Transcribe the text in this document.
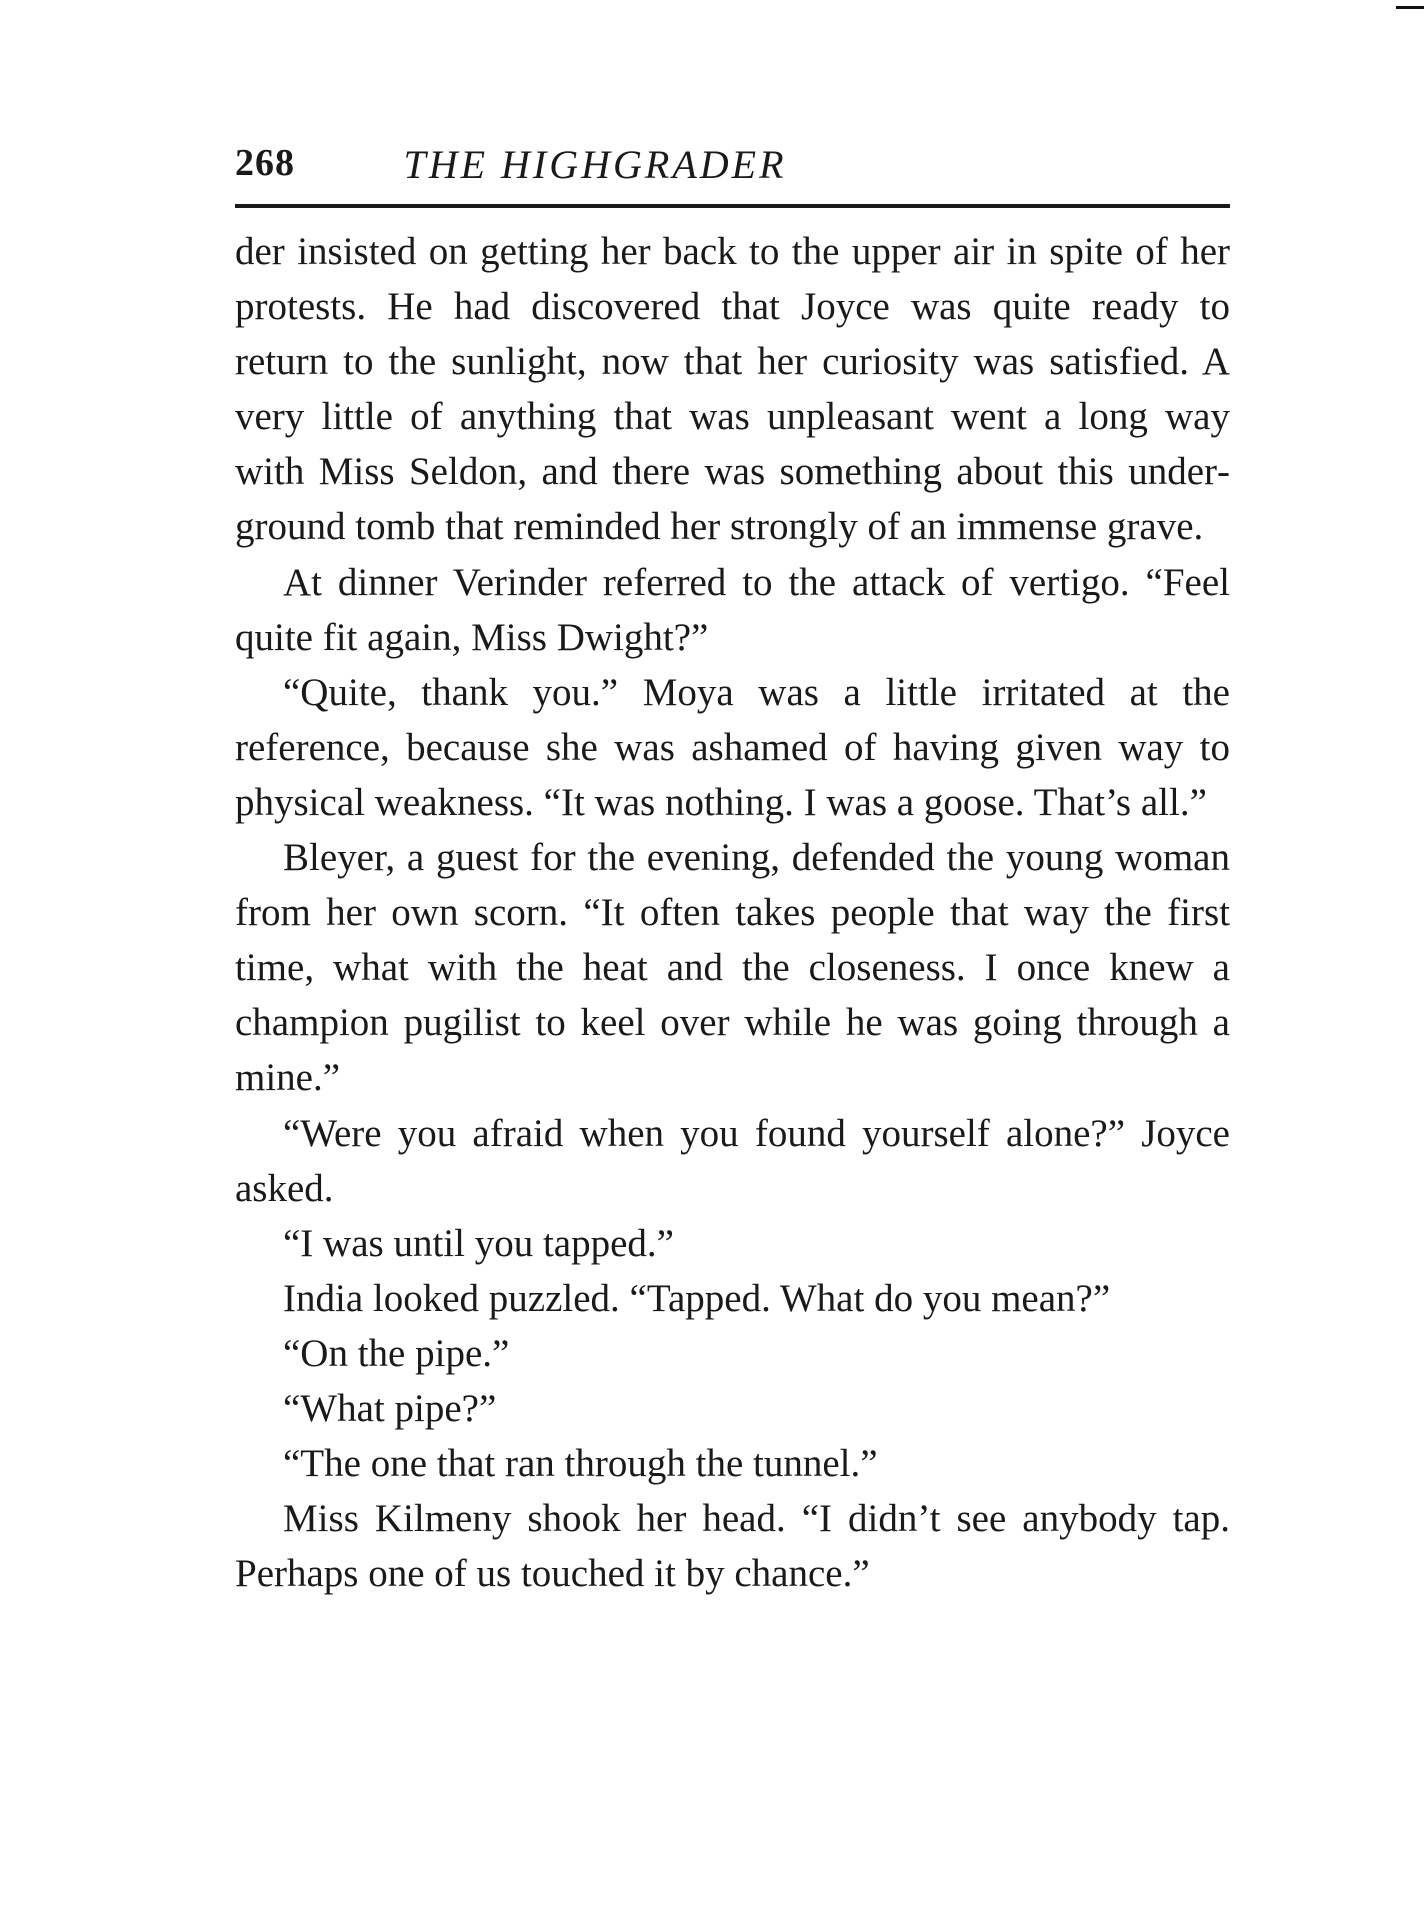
268	THE HIGHGRADER

der insisted on getting her back to the upper air in spite of her protests. He had discovered that Joyce was quite ready to return to the sunlight, now that her curiosity was satisfied. A very little of anything that was unpleasant went a long way with Miss Seldon, and there was something about this underground tomb that reminded her strongly of an immense grave.

At dinner Verinder referred to the attack of vertigo. “Feel quite fit again, Miss Dwight?”

“Quite, thank you.” Moya was a little irritated at the reference, because she was ashamed of having given way to physical weakness. “It was nothing. I was a goose. That’s all.”

Bleyer, a guest for the evening, defended the young woman from her own scorn. “It often takes people that way the first time, what with the heat and the closeness. I once knew a champion pugilist to keel over while he was going through a mine.”

“Were you afraid when you found yourself alone?” Joyce asked.

“I was until you tapped.”

India looked puzzled. “Tapped. What do you mean?”

“On the pipe.”

“What pipe?”

“The one that ran through the tunnel.”

Miss Kilmeny shook her head. “I didn’t see anybody tap. Perhaps one of us touched it by chance.”
